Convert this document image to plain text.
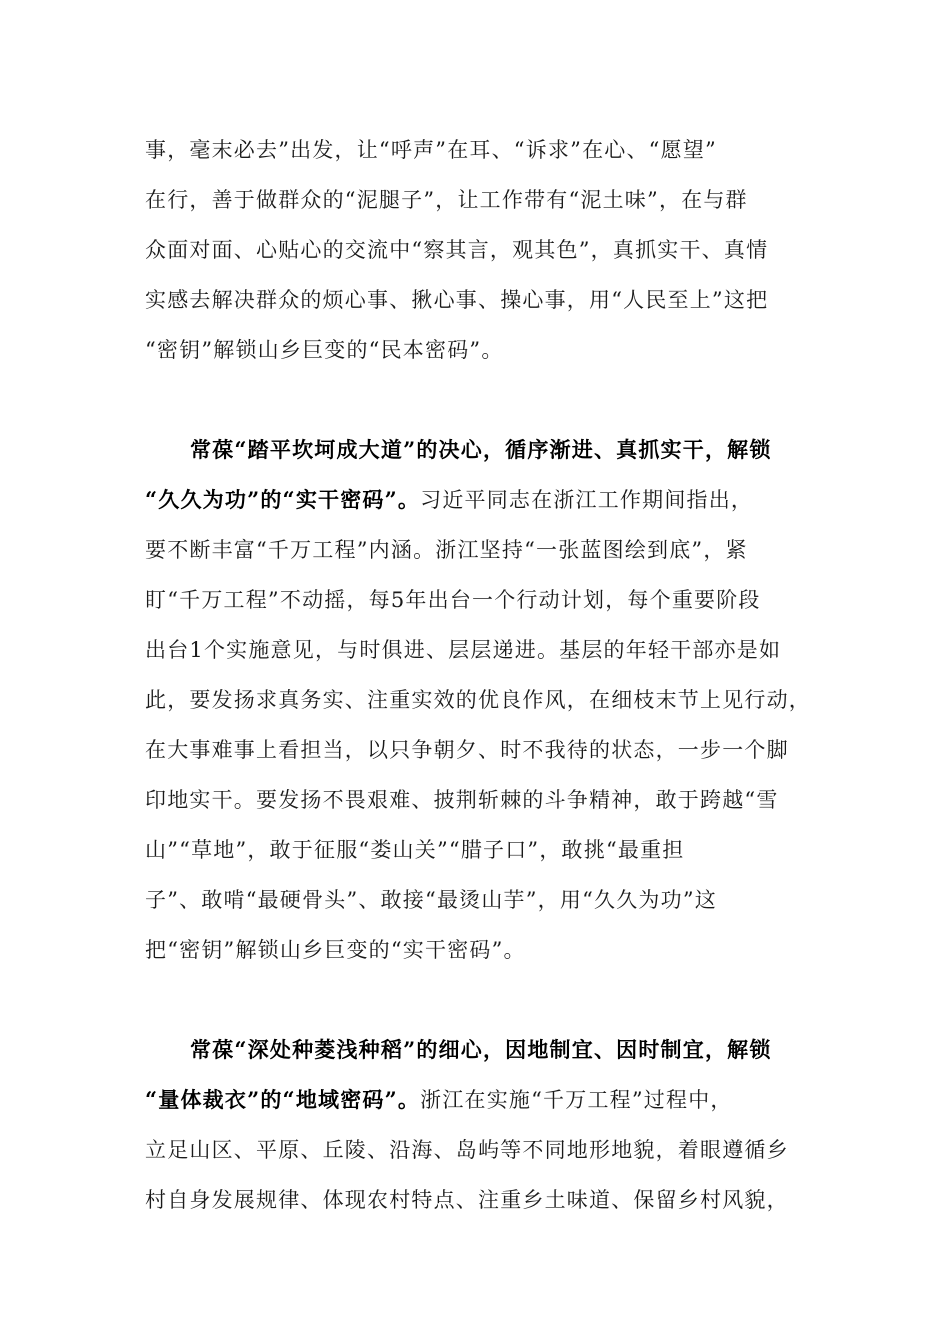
事，毫末必去”出发，让“呼声”在耳、“诉求”在心、“愿望”
在行，善于做群众的“泥腿子”，让工作带有“泥土味”，在与群
众面对面、心贴心的交流中“察其言，观其色”，真抓实干、真情
实感去解决群众的烦心事、揪心事、操心事，用“人民至上”这把
“密钥”解锁山乡巨变的“民本密码”。
常葆“踏平坎坷成大道”的决心，循序渐进、真抓实干，解锁
“久久为功”的“实干密码”。习近平同志在浙江工作期间指出，
要不断丰富“千万工程”内涵。浙江坚持“一张蓝图绘到底”，紧
盯“千万工程”不动摇，每5年出台一个行动计划，每个重要阶段
出台1个实施意见，与时俱进、层层递进。基层的年轻干部亦是如
此，要发扬求真务实、注重实效的优良作风，在细枝末节上见行动，
在大事难事上看担当，以只争朝夕、时不我待的状态，一步一个脚
印地实干。要发扬不畏艰难、披荆斩棘的斗争精神，敢于跨越“雪
山”“草地”，敢于征服“娄山关”“腊子口”，敢挑“最重担
子”、敢啃“最硬骨头”、敢接“最烫山芋”，用“久久为功”这
把“密钥”解锁山乡巨变的“实干密码”。
常葆“深处种菱浅种稻”的细心，因地制宜、因时制宜，解锁
“量体裁衣”的“地域密码”。浙江在实施“千万工程”过程中，
立足山区、平原、丘陵、沿海、岛屿等不同地形地貌，着眼遵循乡
村自身发展规律、体现农村特点、注重乡土味道、保留乡村风貌，
